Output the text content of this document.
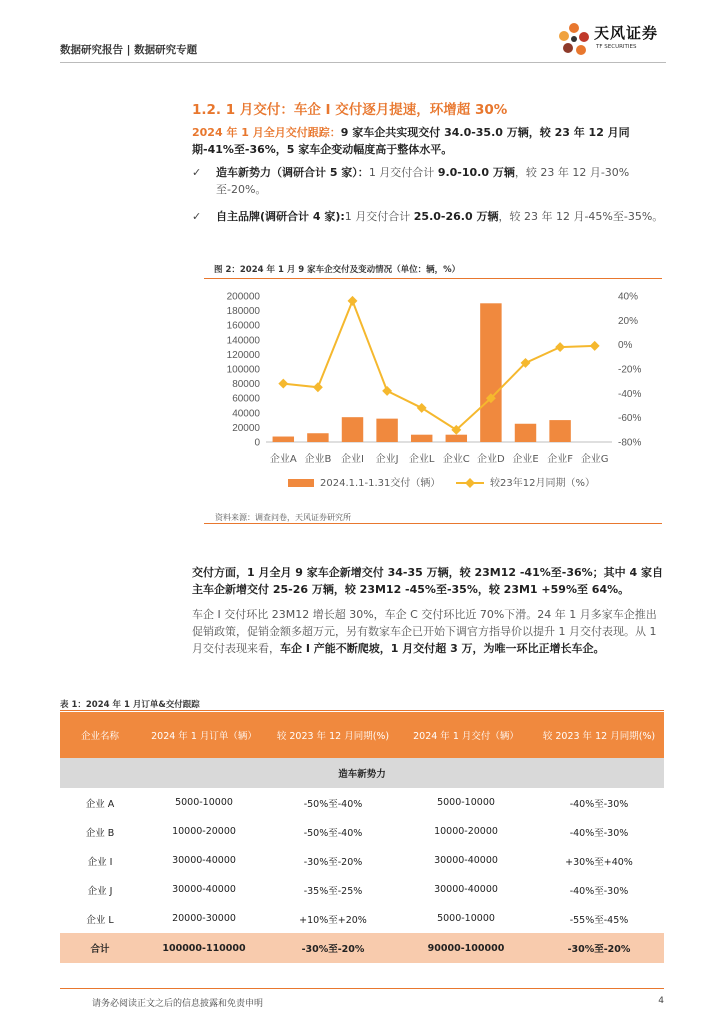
数据研究报告 | 数据研究专题
天风证券
TF SECURITIES
1.2. 1 月交付：车企 I 交付逐月提速，环增超 30%
2024 年 1 月全月交付跟踪：9 家车企共实现交付 34.0-35.0 万辆，较 23 年 12 月同期-41%至-36%，5 家车企变动幅度高于整体水平。
✓ 造车新势力（调研合计 5 家）：1 月交付合计 9.0-10.0 万辆，较 23 年 12 月-30%至-20%。
✓ 自主品牌(调研合计 4 家):1 月交付合计 25.0-26.0 万辆，较 23 年 12 月-45%至-35%。
图 2：2024 年 1 月 9 家车企交付及变动情况（单位：辆，%）
0
20000
40000
60000
80000
100000
120000
140000
160000
180000
200000
-80%
-60%
-40%
-20%
0%
20%
40%
企业A 企业B 企业I 企业J 企业L 企业C 企业D 企业E 企业F 企业G
2024.1.1-1.31交付（辆）	较23年12月同期（%）
资料来源：调查问卷，天风证券研究所
交付方面，1 月全月 9 家车企新增交付 34-35 万辆，较 23M12 -41%至-36%；其中 4 家自主车企新增交付 25-26 万辆，较 23M12 -45%至-35%，较 23M1 +59%至 64%。
车企 I 交付环比 23M12 增长超 30%，车企 C 交付环比近 70%下滑。24 年 1 月多家车企推出促销政策，促销金额多超万元，另有数家车企已开始下调官方指导价以提升 1 月交付表现。从 1 月交付表现来看，车企 I 产能不断爬坡，1 月交付超 3 万，为唯一环比正增长车企。
表 1：2024 年 1 月订单&交付跟踪
企业名称	2024 年 1 月订单（辆）	较 2023 年 12 月同期(%)	2024 年 1 月交付（辆）	较 2023 年 12 月同期(%)
造车新势力				
企业 A	5000-10000	-50%至-40%	5000-10000	-40%至-30%
企业 B	10000-20000	-50%至-40%	10000-20000	-40%至-30%
企业 I	30000-40000	-30%至-20%	30000-40000	+30%至+40%
企业 J	30000-40000	-35%至-25%	30000-40000	-40%至-30%
企业 L	20000-30000	+10%至+20%	5000-10000	-55%至-45%
合计	100000-110000	-30%至-20%	90000-100000	-30%至-20%
请务必阅读正文之后的信息披露和免责申明	4
